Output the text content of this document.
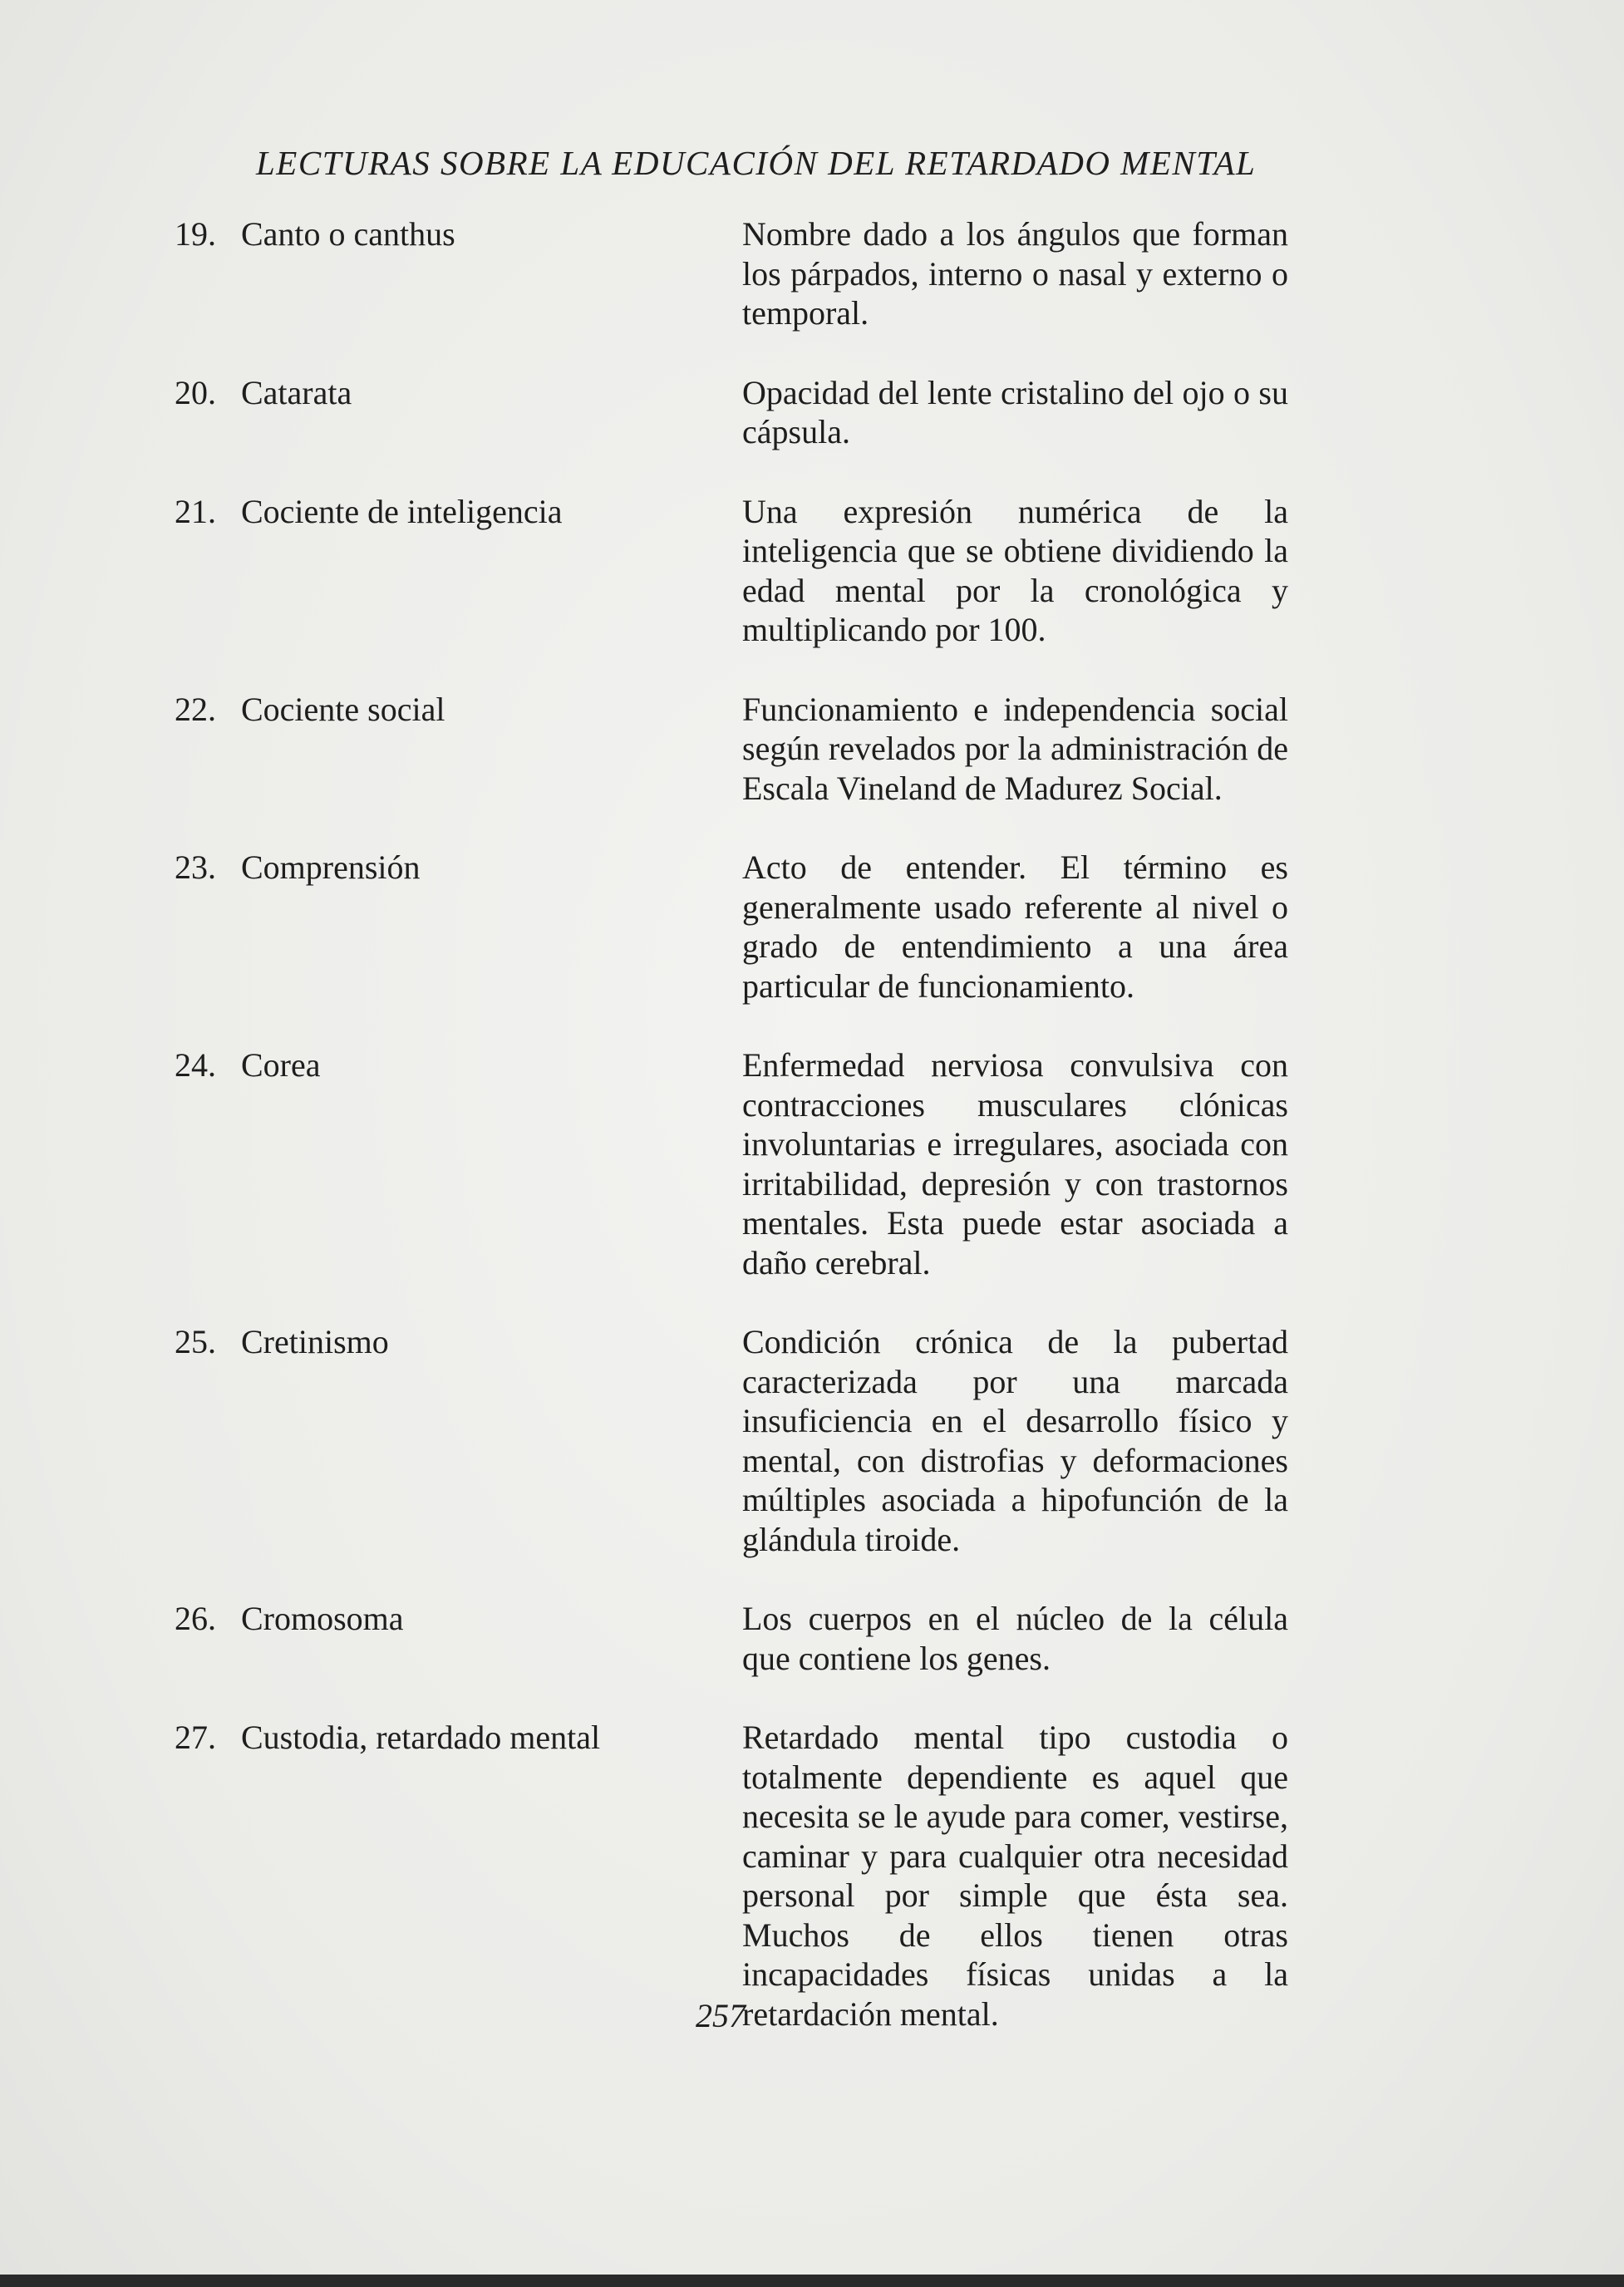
LECTURAS SOBRE LA EDUCACIÓN DEL RETARDADO MENTAL
19. Canto o canthus	Nombre dado a los ángulos que forman los párpados, interno o nasal y externo o temporal.
20. Catarata	Opacidad del lente cristalino del ojo o su cápsula.
21. Cociente de inteligencia	Una expresión numérica de la inteligencia que se obtiene dividiendo la edad mental por la cronológica y multiplicando por 100.
22. Cociente social	Funcionamiento e independencia social según revelados por la administración de Escala Vineland de Madurez Social.
23. Comprensión	Acto de entender. El término es generalmente usado referente al nivel o grado de entendimiento a una área particular de funcionamiento.
24. Corea	Enfermedad nerviosa convulsiva con contracciones musculares clónicas involuntarias e irregulares, asociada con irritabilidad, depresión y con trastornos mentales. Esta puede estar asociada a daño cerebral.
25. Cretinismo	Condición crónica de la pubertad caracterizada por una marcada insuficiencia en el desarrollo físico y mental, con distrofias y deformaciones múltiples asociada a hipofunción de la glándula tiroide.
26. Cromosoma	Los cuerpos en el núcleo de la célula que contiene los genes.
27. Custodia, retardado mental	Retardado mental tipo custodia o totalmente dependiente es aquel que necesita se le ayude para comer, vestirse, caminar y para cualquier otra necesidad personal por simple que ésta sea. Muchos de ellos tienen otras incapacidades físicas unidas a la retardación mental.
257
